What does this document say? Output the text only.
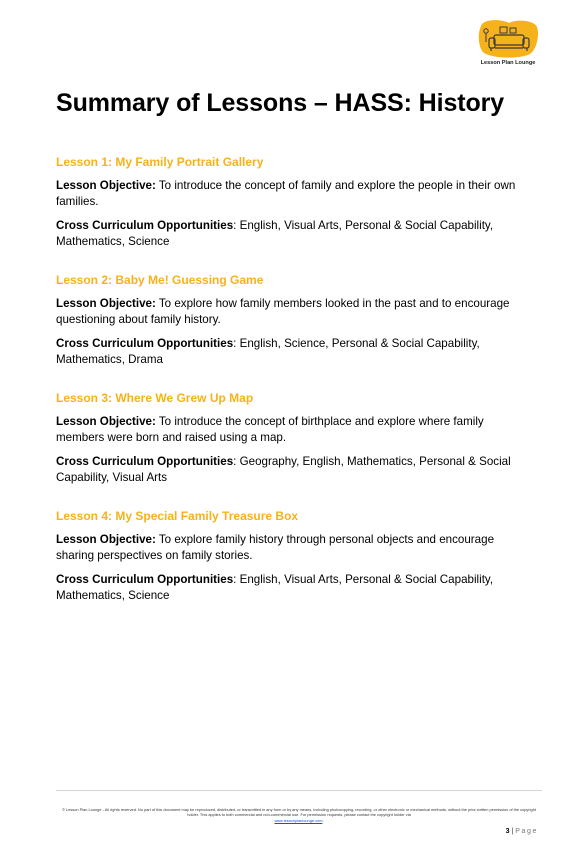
Lesson Plan Lounge
Summary of Lessons – HASS: History

Lesson 1: My Family Portrait Gallery

Lesson Objective: To introduce the concept of family and explore the people in their own families.

Cross Curriculum Opportunities: English, Visual Arts, Personal & Social Capability, Mathematics, Science

Lesson 2: Baby Me! Guessing Game

Lesson Objective: To explore how family members looked in the past and to encourage questioning about family history.

Cross Curriculum Opportunities: English, Science, Personal & Social Capability, Mathematics, Drama

Lesson 3: Where We Grew Up Map

Lesson Objective: To introduce the concept of birthplace and explore where family members were born and raised using a map.

Cross Curriculum Opportunities: Geography, English, Mathematics, Personal & Social Capability, Visual Arts

Lesson 4: My Special Family Treasure Box

Lesson Objective: To explore family history through personal objects and encourage sharing perspectives on family stories.

Cross Curriculum Opportunities: English, Visual Arts, Personal & Social Capability, Mathematics, Science

© Lesson Plan Lounge - All rights reserved. No part of this document may be reproduced, distributed, or transmitted in any form or by any means, including photocopying, recording, or other electronic or mechanical methods, without the prior written permission of the copyright holder. This applies to both commercial and non-commercial use. For permission requests, please contact the copyright holder via
www.lessonplanlounge.com.
3 | Page
